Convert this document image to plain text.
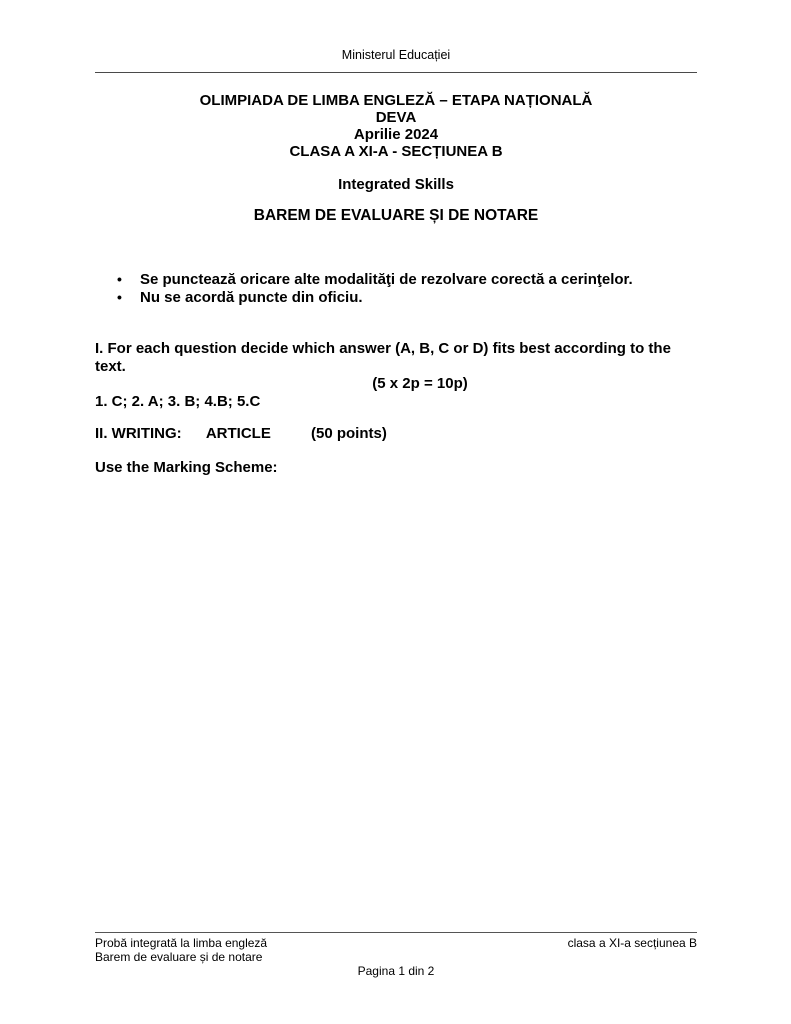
Ministerul Educației
OLIMPIADA DE LIMBA ENGLEZĂ – ETAPA NAȚIONALĂ
DEVA
Aprilie 2024
CLASA A XI-A - SECȚIUNEA B
Integrated Skills
BAREM DE EVALUARE ȘI DE NOTARE
• Se punctează oricare alte modalităţi de rezolvare corectă a cerinţelor.
• Nu se acordă puncte din oficiu.
I. For each question decide which answer (A, B, C or D) fits best according to the text.
(5 x 2p = 10p)
1. C; 2. A; 3. B; 4.B; 5.C
II. WRITING: ARTICLE	(50 points)
Use the Marking Scheme:
Probă integrată la limba engleză
Barem de evaluare și de notare
clasa a XI-a secțiunea B
Pagina 1 din 2
